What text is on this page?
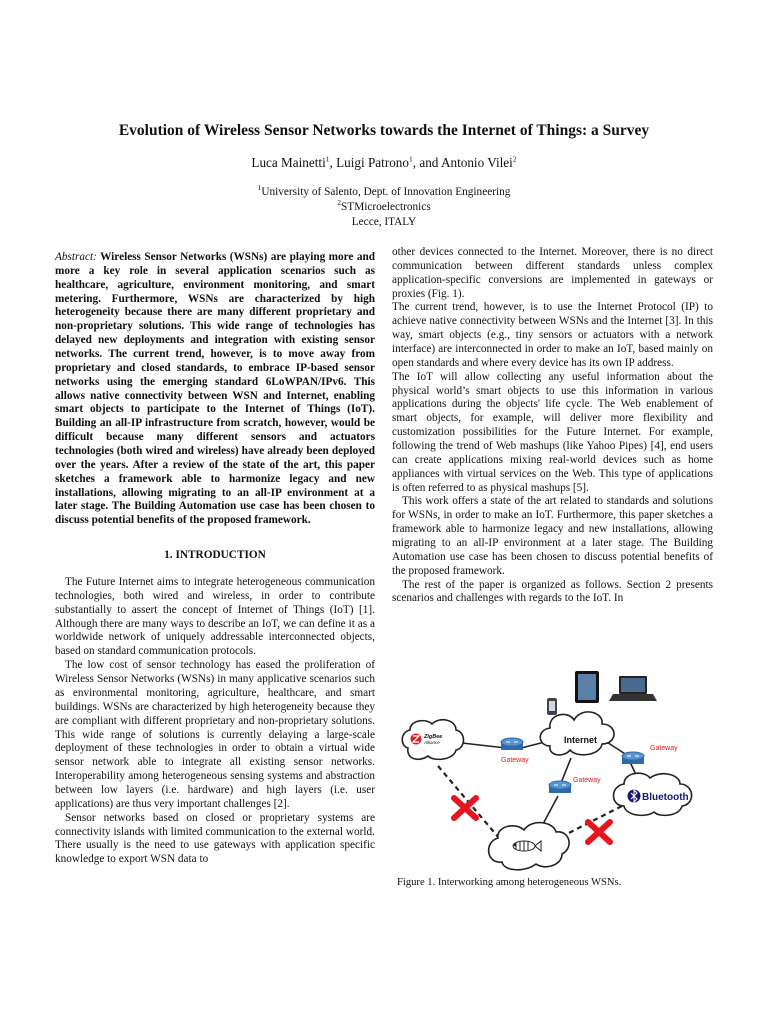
Evolution of Wireless Sensor Networks towards the Internet of Things: a Survey
Luca Mainetti$^1$, Luigi Patrono$^1$, and Antonio Vilei$^2$
$^1$University of Salento, Dept. of Innovation Engineering
$^2$STMicroelectronics
Lecce, ITALY

Abstract: Wireless Sensor Networks (WSNs) are playing more and more a key role in several application scenarios such as healthcare, agriculture, environment monitoring, and smart metering. Furthermore, WSNs are characterized by high heterogeneity because there are many different proprietary and non-proprietary solutions. This wide range of technologies has delayed new deployments and integration with existing sensor networks. The current trend, however, is to move away from proprietary and closed standards, to embrace IP-based sensor networks using the emerging standard 6LoWPAN/IPv6. This allows native connectivity between WSN and Internet, enabling smart objects to participate to the Internet of Things (IoT). Building an all-IP infrastructure from scratch, however, would be difficult because many different sensors and actuators technologies (both wired and wireless) have already been deployed over the years. After a review of the state of the art, this paper sketches a framework able to harmonize legacy and new installations, allowing migrating to an all-IP environment at a later stage. The Building Automation use case has been chosen to discuss potential benefits of the proposed framework.

1. INTRODUCTION

The Future Internet aims to integrate heterogeneous communication technologies, both wired and wireless, in order to contribute substantially to assert the concept of Internet of Things (IoT) [1]. Although there are many ways to describe an IoT, we can define it as a worldwide network of uniquely addressable interconnected objects, based on standard communication protocols.

The low cost of sensor technology has eased the proliferation of Wireless Sensor Networks (WSNs) in many applicative scenarios such as environmental monitoring, agriculture, healthcare, and smart buildings. WSNs are characterized by high heterogeneity because they are compliant with different proprietary and non-proprietary solutions. This wide range of solutions is currently delaying a large-scale deployment of these technologies in order to obtain a virtual wide sensor network able to integrate all existing sensor networks. Interoperability among heterogeneous sensing systems and abstraction between low layers (i.e. hardware) and high layers (i.e. user applications) are thus very important challenges [2].

Sensor networks based on closed or proprietary systems are connectivity islands with limited communication to the external world. There usually is the need to use gateways with application specific knowledge to export WSN data to

other devices connected to the Internet. Moreover, there is no direct communication between different standards unless complex application-specific conversions are implemented in gateways or proxies (Fig. 1).

The current trend, however, is to use the Internet Protocol (IP) to achieve native connectivity between WSNs and the Internet [3]. In this way, smart objects (e.g., tiny sensors or actuators with a network interface) are interconnected in order to make an IoT, based mainly on open standards and where every device has its own IP address.

The IoT will allow collecting any useful information about the physical world’s smart objects to use this information in various applications during the objects' life cycle. The Web enablement of smart objects, for example, will deliver more flexibility and customization possibilities for the Future Internet. For example, following the trend of Web mashups (like Yahoo Pipes) [4], end users can create applications mixing real-world devices such as home appliances with virtual services on the Web. This type of applications is often referred to as physical mashups [5].

This work offers a state of the art related to standards and solutions for WSNs, in order to make an IoT. Furthermore, this paper sketches a framework able to harmonize legacy and new installations, allowing migrating to an all-IP environment at a later stage. The Building Automation use case has been chosen to discuss potential benefits of the proposed framework.

The rest of the paper is organized as follows. Section 2 presents scenarios and challenges with regards to the IoT. In

Internet
ZigBee
Alliance
Bluetooth
Gateway
Gateway
Gateway
Figure 1. Interworking among heterogeneous WSNs.
